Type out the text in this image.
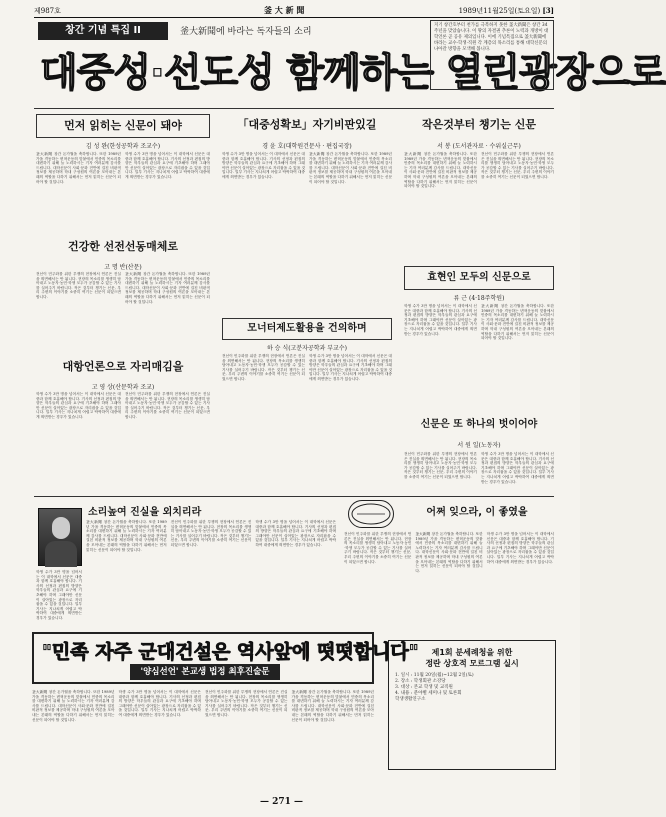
제987호	釜 大 新 聞	1989년11월25일(토요일) [3]
창간 기념 특집 II	釜大新聞에 바라는 독자들의 소리
대중성·선도성 함께하는 열린광장으로
지기 창간호부터 천가를 극복하지 못한 釜大新聞은 창간 34주년을 맞았습니다. 이 땅의 자결권 추론이 노력과 개방이 대학언론 곧 공유 제의입니다. 이에 기념특집으로 釜大新聞에 바라는 교수·학생·직원 각 계층의 목소리를 통해 대학신문의 나아갈 방향을 모색해 봅니다.
먼저 읽히는 신문이 돼야
김 성 완(한성공학과 조교수)
釜大新聞 창간 돈가월을 축하합니다. 또한 1989년 가을 격동하는 변혁운동의 맞붙에서 민중의 목소리를 대변하기 위해 늘 노력하시는 기자 여러분께 감사를 드립니다. 대학신문이 사회·문화 전반에 걸친 비판적 정보를 제공하며 학내 구성원의 여론을 모아내는 본래의 역할을 다하기 위해서는 먼저 읽히는 신문이 되어야 할 것입니다.
학생 수가 3만 명을 넘어서는 이 대학에서 신문은 대중과 함께 호흡해야 합니다. 기사의 선정과 편집의 방향은 학우들의 관심과 요구에 기초해야 하며 그래야만 신문이 살아있는 광장으로 자리잡을 수 있을 것입니다. 일부 기사는 지나치게 어렵고 딱딱하여 대중에게 외면받는 경우가 있습니다.
건강한 선전선동매체로
고 명 반(산문)
전선이 민주화를 위한 투쟁의 현장에서 언론은 진실을 외면해서는 안 됩니다. 현장의 목소리를 생생히 담아내고 노동자·농민·학생 모두가 공감할 수 있는 기사를 실어주기 바랍니다. 작은 것부터 챙기는 신문, 우리 주변의 이야기를 소중히 여기는 신문이 되었으면 합니다.
釜大新聞 창간 돈가월을 축하합니다. 또한 1989년 가을 격동하는 변혁운동의 맞붙에서 민중의 목소리를 대변하기 위해 늘 노력하시는 기자 여러분께 감사를 드립니다. 대학신문이 사회·문화 전반에 걸친 비판적 정보를 제공하며 학내 구성원의 여론을 모아내는 본래의 역할을 다하기 위해서는 먼저 읽히는 신문이 되어야 할 것입니다.
대항언론으로 자리매김을
고 영 상(산문학과 조교)
학생 수가 3만 명을 넘어서는 이 대학에서 신문은 대중과 함께 호흡해야 합니다. 기사의 선정과 편집의 방향은 학우들의 관심과 요구에 기초해야 하며 그래야만 신문이 살아있는 광장으로 자리잡을 수 있을 것입니다. 일부 기사는 지나치게 어렵고 딱딱하여 대중에게 외면받는 경우가 있습니다.
전선이 민주화를 위한 투쟁의 현장에서 언론은 진실을 외면해서는 안 됩니다. 현장의 목소리를 생생히 담아내고 노동자·농민·학생 모두가 공감할 수 있는 기사를 실어주기 바랍니다. 작은 것부터 챙기는 신문, 우리 주변의 이야기를 소중히 여기는 신문이 되었으면 합니다.
「대중성확보」자기비판있길
경 윤 호(대학원건문사 · 편집국장)
학생 수가 3만 명을 넘어서는 이 대학에서 신문은 대중과 함께 호흡해야 합니다. 기사의 선정과 편집의 방향은 학우들의 관심과 요구에 기초해야 하며 그래야만 신문이 살아있는 광장으로 자리잡을 수 있을 것입니다. 일부 기사는 지나치게 어렵고 딱딱하여 대중에게 외면받는 경우가 있습니다.
釜大新聞 창간 돈가월을 축하합니다. 또한 1989년 가을 격동하는 변혁운동의 맞붙에서 민중의 목소리를 대변하기 위해 늘 노력하시는 기자 여러분께 감사를 드립니다. 대학신문이 사회·문화 전반에 걸친 비판적 정보를 제공하며 학내 구성원의 여론을 모아내는 본래의 역할을 다하기 위해서는 먼저 읽히는 신문이 되어야 할 것입니다.
모너터제도활용을 건의하며
하 승 식(고분자공학과 부교수)
전선이 민주화를 위한 투쟁의 현장에서 언론은 진실을 외면해서는 안 됩니다. 현장의 목소리를 생생히 담아내고 노동자·농민·학생 모두가 공감할 수 있는 기사를 실어주기 바랍니다. 작은 것부터 챙기는 신문, 우리 주변의 이야기를 소중히 여기는 신문이 되었으면 합니다.
학생 수가 3만 명을 넘어서는 이 대학에서 신문은 대중과 함께 호흡해야 합니다. 기사의 선정과 편집의 방향은 학우들의 관심과 요구에 기초해야 하며 그래야만 신문이 살아있는 광장으로 자리잡을 수 있을 것입니다. 일부 기사는 지나치게 어렵고 딱딱하여 대중에게 외면받는 경우가 있습니다.
작은것부터 챙기는 신문
서 봉 (도서관자료 · 수위실근무)
釜大新聞 창간 돈가월을 축하합니다. 또한 1989년 가을 격동하는 변혁운동의 맞붙에서 민중의 목소리를 대변하기 위해 늘 노력하시는 기자 여러분께 감사를 드립니다. 대학신문이 사회·문화 전반에 걸친 비판적 정보를 제공하며 학내 구성원의 여론을 모아내는 본래의 역할을 다하기 위해서는 먼저 읽히는 신문이 되어야 할 것입니다.
전선이 민주화를 위한 투쟁의 현장에서 언론은 진실을 외면해서는 안 됩니다. 현장의 목소리를 생생히 담아내고 노동자·농민·학생 모두가 공감할 수 있는 기사를 실어주기 바랍니다. 작은 것부터 챙기는 신문, 우리 주변의 이야기를 소중히 여기는 신문이 되었으면 합니다.
효현인 모두의 신문으로
류 근 (4·18주학원)
학생 수가 3만 명을 넘어서는 이 대학에서 신문은 대중과 함께 호흡해야 합니다. 기사의 선정과 편집의 방향은 학우들의 관심과 요구에 기초해야 하며 그래야만 신문이 살아있는 광장으로 자리잡을 수 있을 것입니다. 일부 기사는 지나치게 어렵고 딱딱하여 대중에게 외면받는 경우가 있습니다.
釜大新聞 창간 돈가월을 축하합니다. 또한 1989년 가을 격동하는 변혁운동의 맞붙에서 민중의 목소리를 대변하기 위해 늘 노력하시는 기자 여러분께 감사를 드립니다. 대학신문이 사회·문화 전반에 걸친 비판적 정보를 제공하며 학내 구성원의 여론을 모아내는 본래의 역할을 다하기 위해서는 먼저 읽히는 신문이 되어야 할 것입니다.
신문은 또 하나의 벗이어야
서 원 일(노동자)
전선이 민주화를 위한 투쟁의 현장에서 언론은 진실을 외면해서는 안 됩니다. 현장의 목소리를 생생히 담아내고 노동자·농민·학생 모두가 공감할 수 있는 기사를 실어주기 바랍니다. 작은 것부터 챙기는 신문, 우리 주변의 이야기를 소중히 여기는 신문이 되었으면 합니다.
학생 수가 3만 명을 넘어서는 이 대학에서 신문은 대중과 함께 호흡해야 합니다. 기사의 선정과 편집의 방향은 학우들의 관심과 요구에 기초해야 하며 그래야만 신문이 살아있는 광장으로 자리잡을 수 있을 것입니다. 일부 기사는 지나치게 어렵고 딱딱하여 대중에게 외면받는 경우가 있습니다.
소리높여 진실을 외치리라
釜大新聞 창간 돈가월을 축하합니다. 또한 1989년 가을 격동하는 변혁운동의 맞붙에서 민중의 목소리를 대변하기 위해 늘 노력하시는 기자 여러분께 감사를 드립니다. 대학신문이 사회·문화 전반에 걸친 비판적 정보를 제공하며 학내 구성원의 여론을 모아내는 본래의 역할을 다하기 위해서는 먼저 읽히는 신문이 되어야 할 것입니다.
전선이 민주화를 위한 투쟁의 현장에서 언론은 진실을 외면해서는 안 됩니다. 현장의 목소리를 생생히 담아내고 노동자·농민·학생 모두가 공감할 수 있는 기사를 실어주기 바랍니다. 작은 것부터 챙기는 신문, 우리 주변의 이야기를 소중히 여기는 신문이 되었으면 합니다.
학생 수가 3만 명을 넘어서는 이 대학에서 신문은 대중과 함께 호흡해야 합니다. 기사의 선정과 편집의 방향은 학우들의 관심과 요구에 기초해야 하며 그래야만 신문이 살아있는 광장으로 자리잡을 수 있을 것입니다. 일부 기사는 지나치게 어렵고 딱딱하여 대중에게 외면받는 경우가 있습니다.
학생 수가 3만 명을 넘어서는 이 대학에서 신문은 대중과 함께 호흡해야 합니다. 기사의 선정과 편집의 방향은 학우들의 관심과 요구에 기초해야 하며 그래야만 신문이 살아있는 광장으로 자리잡을 수 있을 것입니다. 일부 기사는 지나치게 어렵고 딱딱하여 대중에게 외면받는 경우가 있습니다.
어쩌 잊으라, 이 좋였을
전선이 민주화를 위한 투쟁의 현장에서 언론은 진실을 외면해서는 안 됩니다. 현장의 목소리를 생생히 담아내고 노동자·농민·학생 모두가 공감할 수 있는 기사를 실어주기 바랍니다. 작은 것부터 챙기는 신문, 우리 주변의 이야기를 소중히 여기는 신문이 되었으면 합니다.
釜大新聞 창간 돈가월을 축하합니다. 또한 1989년 가을 격동하는 변혁운동의 맞붙에서 민중의 목소리를 대변하기 위해 늘 노력하시는 기자 여러분께 감사를 드립니다. 대학신문이 사회·문화 전반에 걸친 비판적 정보를 제공하며 학내 구성원의 여론을 모아내는 본래의 역할을 다하기 위해서는 먼저 읽히는 신문이 되어야 할 것입니다.
학생 수가 3만 명을 넘어서는 이 대학에서 신문은 대중과 함께 호흡해야 합니다. 기사의 선정과 편집의 방향은 학우들의 관심과 요구에 기초해야 하며 그래야만 신문이 살아있는 광장으로 자리잡을 수 있을 것입니다. 일부 기사는 지나치게 어렵고 딱딱하여 대중에게 외면받는 경우가 있습니다.
"민족 자주 군대건설은 역사앞에 떳떳합니다"
'양심선언' 본교생 법정 최후진술문
釜大新聞 창간 돈가월을 축하합니다. 또한 1989년 가을 격동하는 변혁운동의 맞붙에서 민중의 목소리를 대변하기 위해 늘 노력하시는 기자 여러분께 감사를 드립니다. 대학신문이 사회·문화 전반에 걸친 비판적 정보를 제공하며 학내 구성원의 여론을 모아내는 본래의 역할을 다하기 위해서는 먼저 읽히는 신문이 되어야 할 것입니다.
학생 수가 3만 명을 넘어서는 이 대학에서 신문은 대중과 함께 호흡해야 합니다. 기사의 선정과 편집의 방향은 학우들의 관심과 요구에 기초해야 하며 그래야만 신문이 살아있는 광장으로 자리잡을 수 있을 것입니다. 일부 기사는 지나치게 어렵고 딱딱하여 대중에게 외면받는 경우가 있습니다.
전선이 민주화를 위한 투쟁의 현장에서 언론은 진실을 외면해서는 안 됩니다. 현장의 목소리를 생생히 담아내고 노동자·농민·학생 모두가 공감할 수 있는 기사를 실어주기 바랍니다. 작은 것부터 챙기는 신문, 우리 주변의 이야기를 소중히 여기는 신문이 되었으면 합니다.
釜大新聞 창간 돈가월을 축하합니다. 또한 1989년 가을 격동하는 변혁운동의 맞붙에서 민중의 목소리를 대변하기 위해 늘 노력하시는 기자 여러분께 감사를 드립니다. 대학신문이 사회·문화 전반에 걸친 비판적 정보를 제공하며 학내 구성원의 여론을 모아내는 본래의 역할을 다하기 위해서는 먼저 읽히는 신문이 되어야 할 것입니다.
제1회 분세례청을 위한
정란 상호적 모르그램 실시
1. 일시 : 11월 20일(월)~12월 2일(토)
2. 장소 : 학생회관 소강당
3. 대상 : 본교 학생 및 교직원
4. 내용 : 분야별 세미나 및 토론회
학생생활연구소
— 271 —
